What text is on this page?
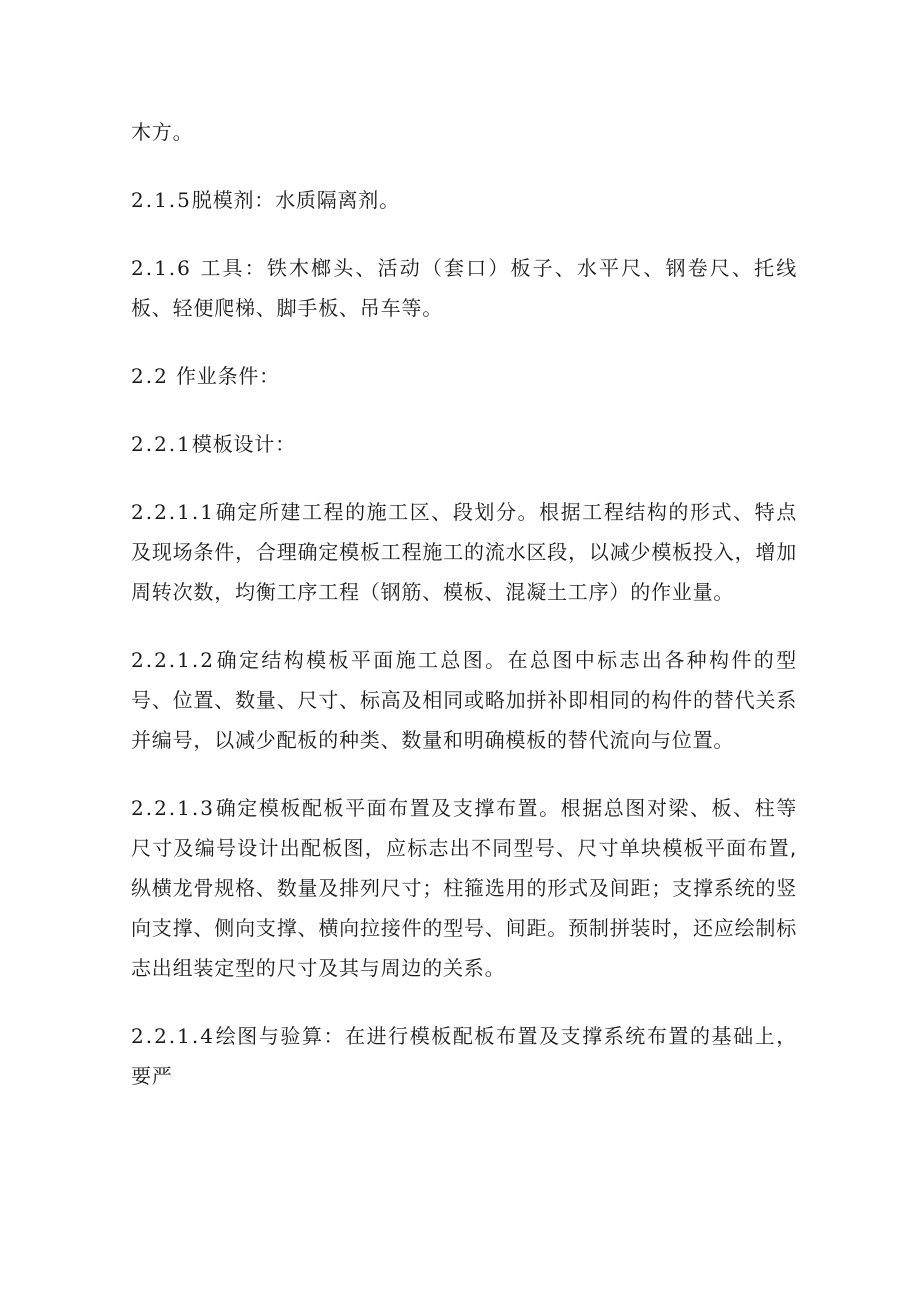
木方。

2.1.5脱模剂：水质隔离剂。

2.1.6 工具：铁木榔头、活动（套口）板子、水平尺、钢卷尺、托线板、轻便爬梯、脚手板、吊车等。

2.2 作业条件：

2.2.1模板设计：

2.2.1.1确定所建工程的施工区、段划分。根据工程结构的形式、特点及现场条件，合理确定模板工程施工的流水区段，以减少模板投入，增加周转次数，均衡工序工程（钢筋、模板、混凝土工序）的作业量。

2.2.1.2确定结构模板平面施工总图。在总图中标志出各种构件的型号、位置、数量、尺寸、标高及相同或略加拼补即相同的构件的替代关系并编号，以减少配板的种类、数量和明确模板的替代流向与位置。

2.2.1.3确定模板配板平面布置及支撑布置。根据总图对梁、板、柱等尺寸及编号设计出配板图，应标志出不同型号、尺寸单块模板平面布置,纵横龙骨规格、数量及排列尺寸；柱箍选用的形式及间距；支撑系统的竖向支撑、侧向支撑、横向拉接件的型号、间距。预制拼装时，还应绘制标志出组装定型的尺寸及其与周边的关系。

2.2.1.4绘图与验算：在进行模板配板布置及支撑系统布置的基础上，要严
